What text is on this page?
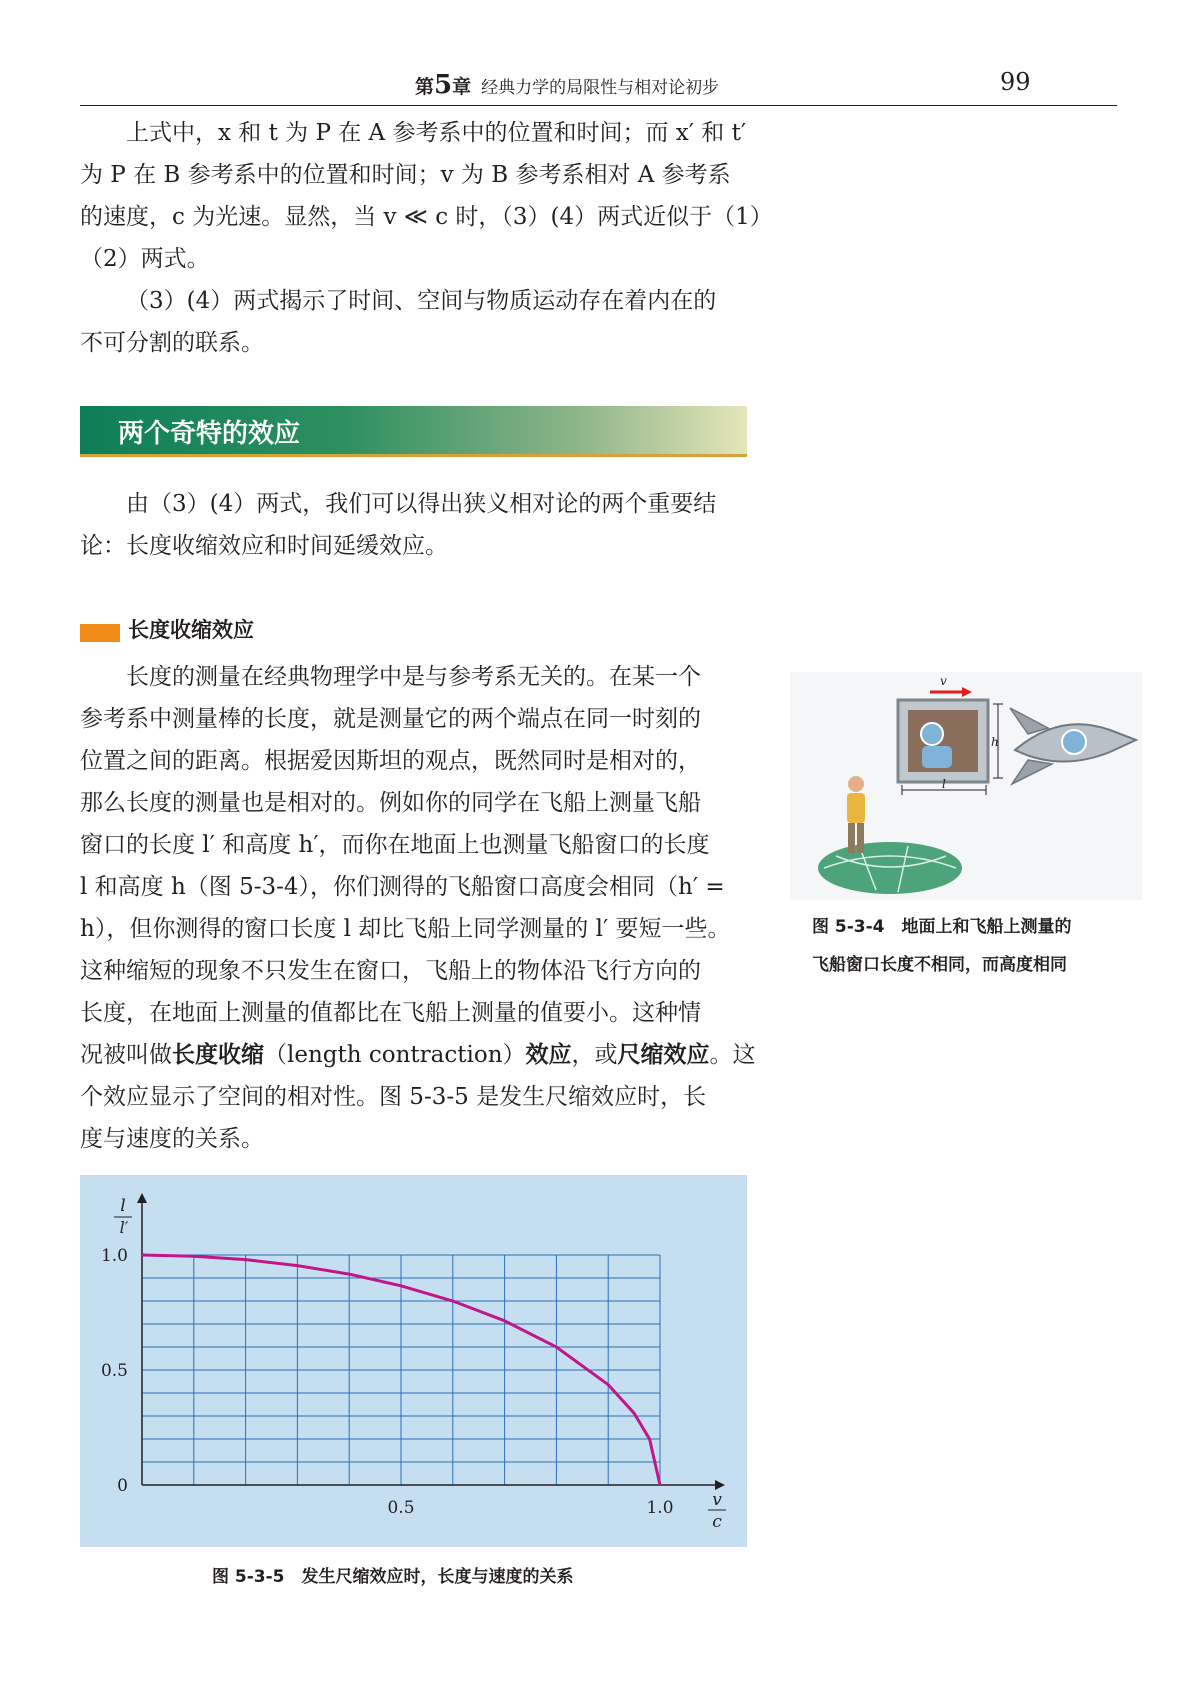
第5章 经典力学的局限性与相对论初步	99

上式中，x 和 t 为 P 在 A 参考系中的位置和时间；而 x′ 和 t′
为 P 在 B 参考系中的位置和时间；v 为 B 参考系相对 A 参考系
的速度，c 为光速。显然，当 v ≪ c 时，（3）(4）两式近似于（1）
（2）两式。

（3）(4）两式揭示了时间、空间与物质运动存在着内在的
不可分割的联系。

两个奇特的效应

由（3）(4）两式，我们可以得出狭义相对论的两个重要结
论：长度收缩效应和时间延缓效应。

长度收缩效应

长度的测量在经典物理学中是与参考系无关的。在某一个
参考系中测量棒的长度，就是测量它的两个端点在同一时刻的
位置之间的距离。根据爱因斯坦的观点，既然同时是相对的，
那么长度的测量也是相对的。例如你的同学在飞船上测量飞船
窗口的长度 l′ 和高度 h′，而你在地面上也测量飞船窗口的长度
l 和高度 h（图 5-3-4），你们测得的飞船窗口高度会相同（h′ =
h），但你测得的窗口长度 l 却比飞船上同学测量的 l′ 要短一些。
这种缩短的现象不只发生在窗口，飞船上的物体沿飞行方向的
长度，在地面上测量的值都比在飞船上测量的值要小。这种情
况被叫做长度收缩（length contraction）效应，或尺缩效应。这
个效应显示了空间的相对性。图 5-3-5 是发生尺缩效应时，长
度与速度的关系。

v
h
l
图 5-3-4　地面上和飞船上测量的
飞船窗口长度不相同，而高度相同
0.5	1.0
0
0.5
1.0
l
l′
v
c
图 5-3-5　发生尺缩效应时，长度与速度的关系
